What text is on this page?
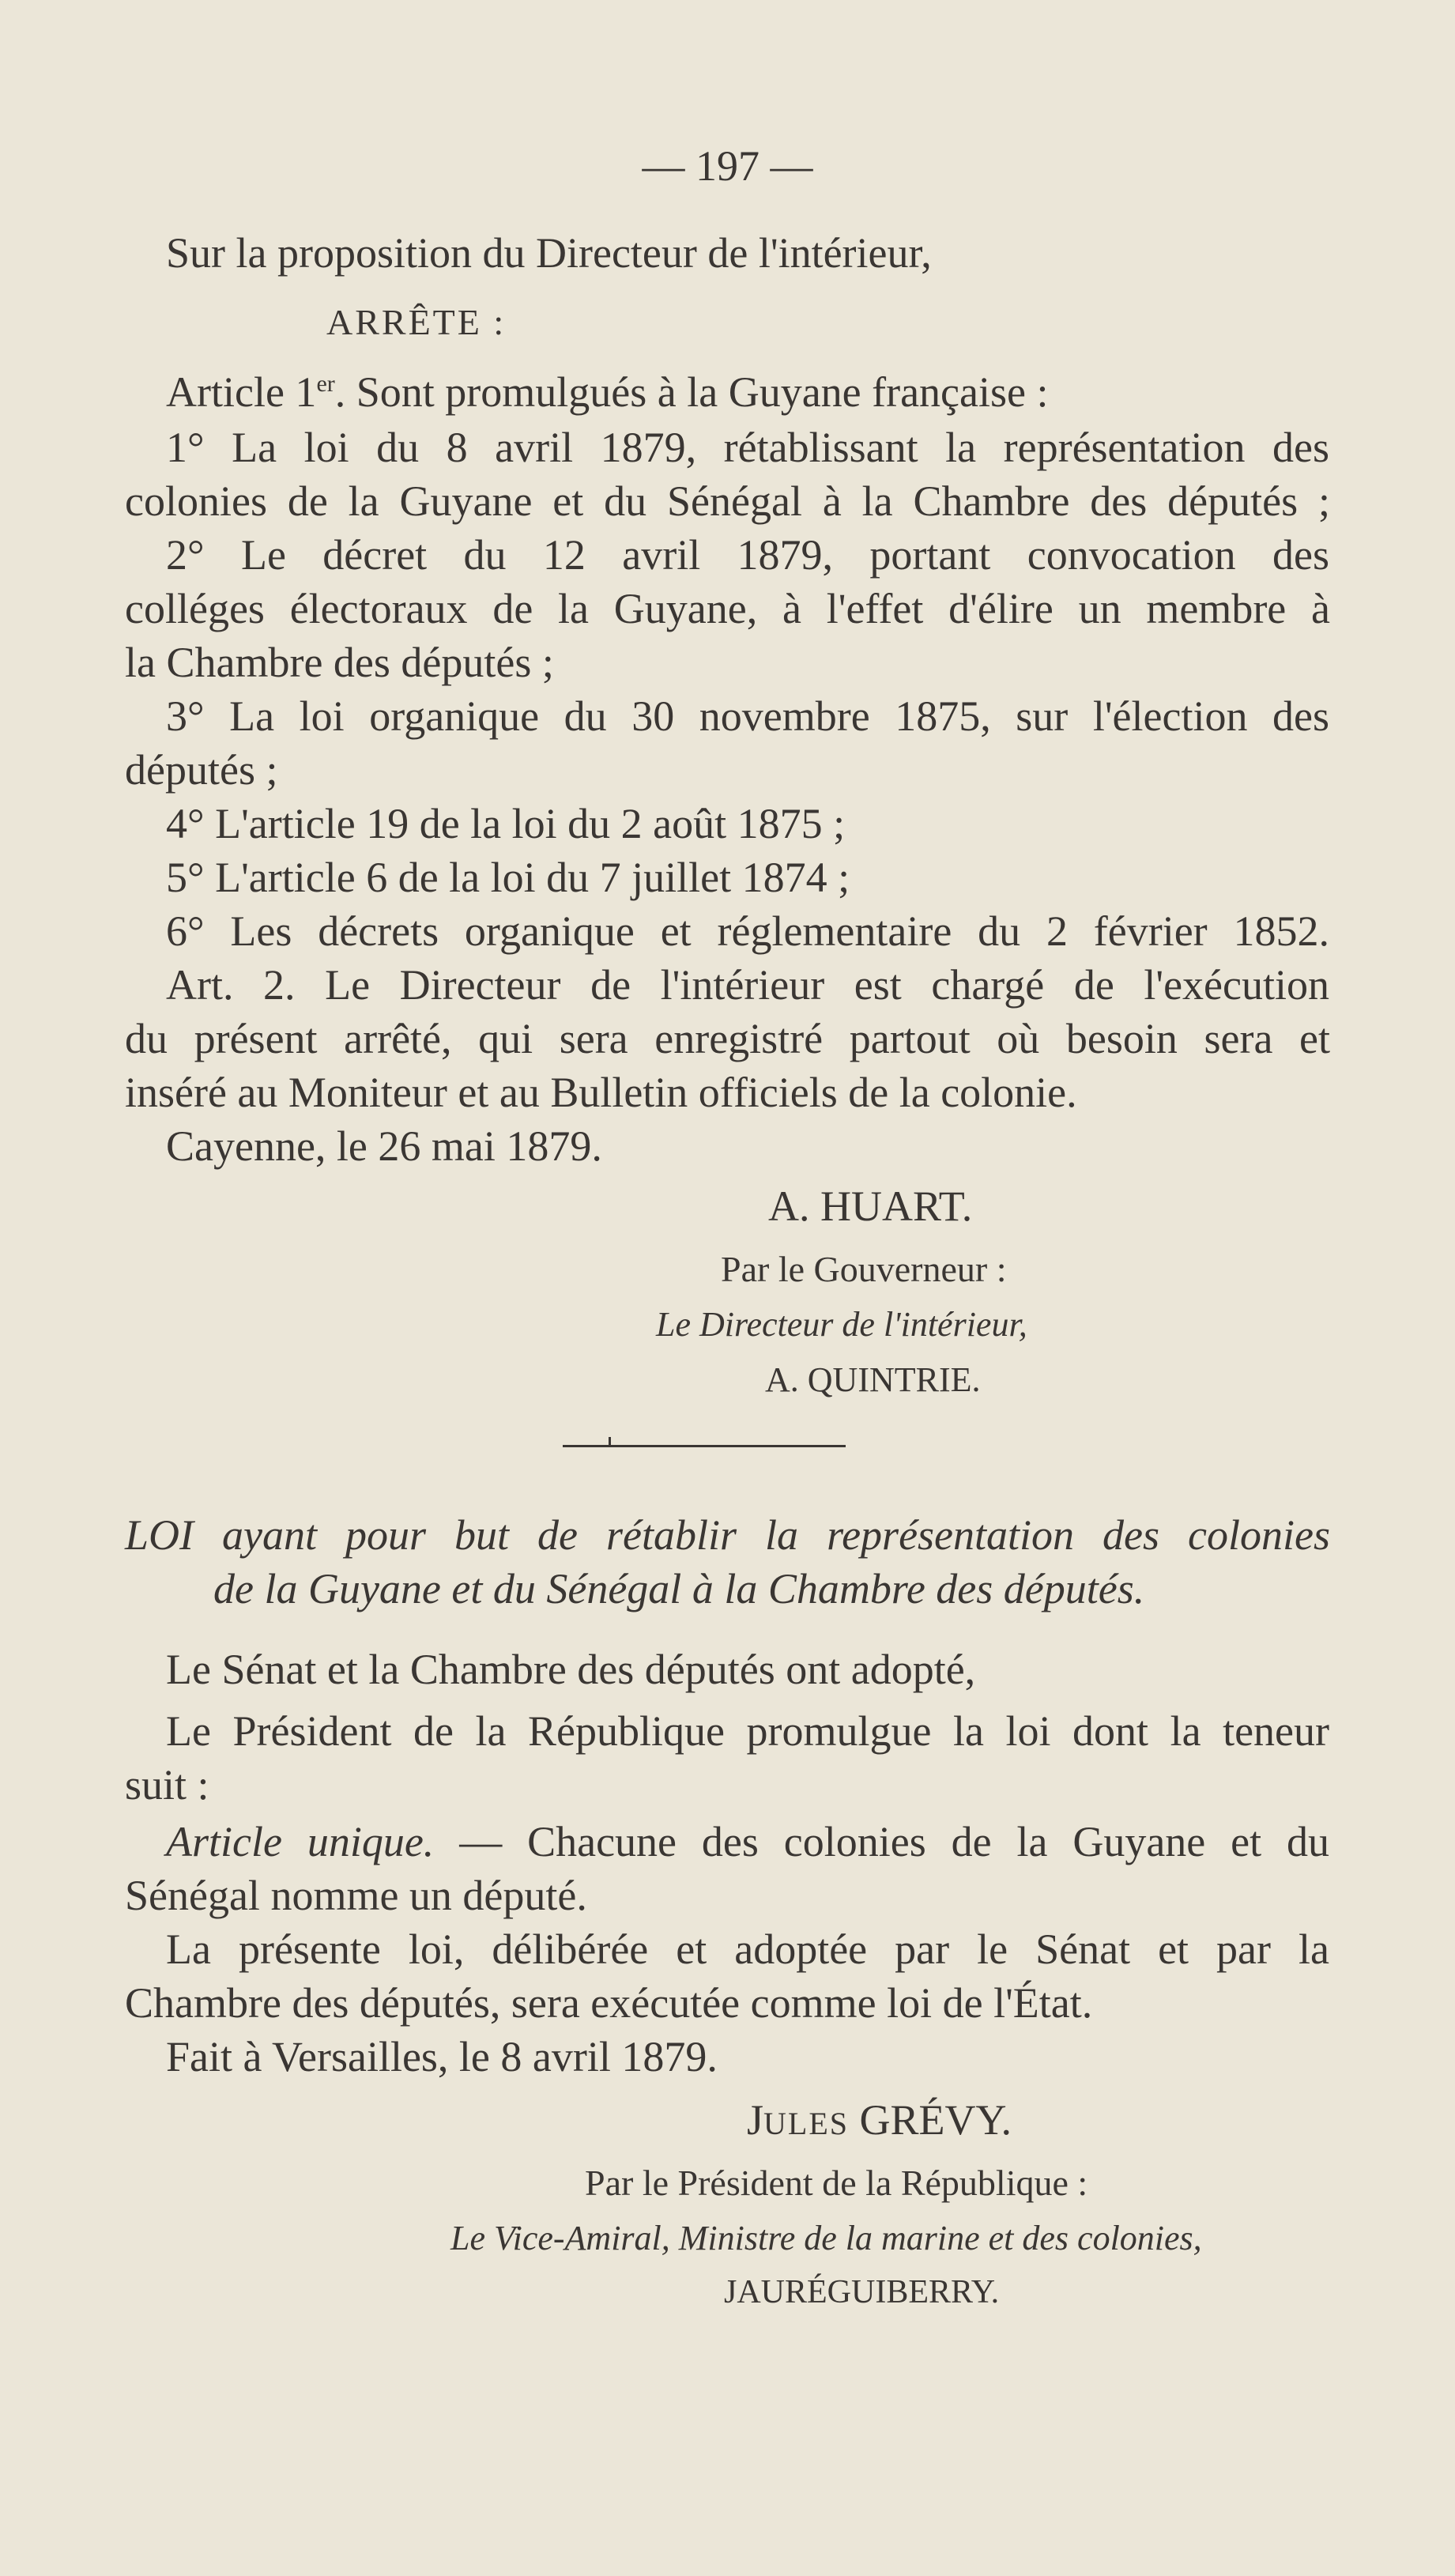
— 197 —
Sur la proposition du Directeur de l'intérieur,
ARRÊTE :
Article 1er. Sont promulgués à la Guyane française :
1° La loi du 8 avril 1879, rétablissant la représentation des
colonies de la Guyane et du Sénégal à la Chambre des députés ;
2° Le décret du 12 avril 1879, portant convocation des
colléges électoraux de la Guyane, à l'effet d'élire un membre à
la Chambre des députés ;
3° La loi organique du 30 novembre 1875, sur l'élection des
députés ;
4° L'article 19 de la loi du 2 août 1875 ;
5° L'article 6 de la loi du 7 juillet 1874 ;
6° Les décrets organique et réglementaire du 2 février 1852.
Art. 2. Le Directeur de l'intérieur est chargé de l'exécution
du présent arrêté, qui sera enregistré partout où besoin sera et
inséré au Moniteur et au Bulletin officiels de la colonie.
Cayenne, le 26 mai 1879.
A. HUART.
Par le Gouverneur :
Le Directeur de l'intérieur,
A. QUINTRIE.
LOI ayant pour but de rétablir la représentation des colonies
de la Guyane et du Sénégal à la Chambre des députés.
Le Sénat et la Chambre des députés ont adopté,
Le Président de la République promulgue la loi dont la teneur
suit :
Article unique. — Chacune des colonies de la Guyane et du
Sénégal nomme un député.
La présente loi, délibérée et adoptée par le Sénat et par la
Chambre des députés, sera exécutée comme loi de l'État.
Fait à Versailles, le 8 avril 1879.
JULES GRÉVY.
Par le Président de la République :
Le Vice-Amiral, Ministre de la marine et des colonies,
JAURÉGUIBERRY.
